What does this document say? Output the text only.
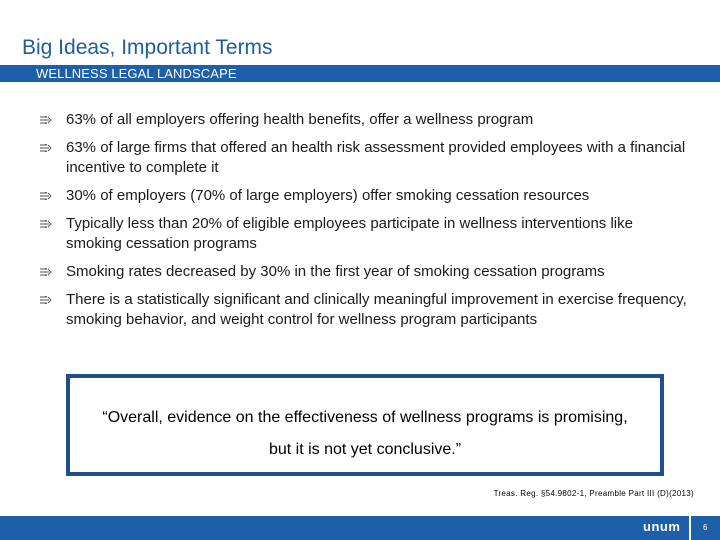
Big Ideas, Important Terms
WELLNESS LEGAL LANDSCAPE
63% of all employers offering health benefits, offer a wellness program
63% of large firms that offered an health risk assessment provided employees with a financial incentive to complete it
30% of employers (70% of large employers) offer smoking cessation resources
Typically less than 20% of eligible employees participate in wellness interventions like smoking cessation programs
Smoking rates decreased by 30% in the first year of smoking cessation programs
There is a statistically significant and clinically meaningful improvement in exercise frequency, smoking behavior, and weight control for wellness program participants
“Overall, evidence on the effectiveness of wellness programs is promising, but it is not yet conclusive.”
Treas. Reg. §54.9802-1, Preamble Part III (D)(2013)
unum	6
